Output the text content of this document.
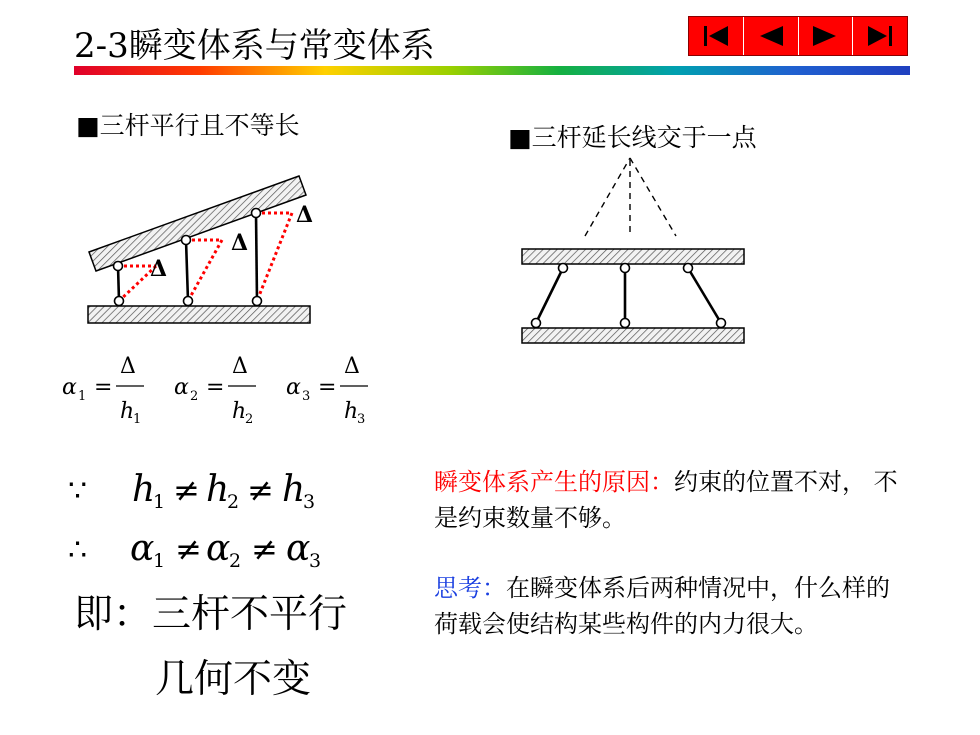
2-3瞬变体系与常变体系
■三杆平行且不等长	■三杆延长线交于一点
Δ
Δ
Δ
α 1 =
Δ
h
1
α 2 =
Δ
h
2
α 3 =
Δ
h
3
∵ h
1 ≠ h
2 ≠ h
3
∴ α
1 ≠ α
2 ≠ α
3
即：三杆不平行
几何不变
瞬变体系产生的原因：约束的位置不对， 不是约束数量不够。
思考：在瞬变体系后两种情况中，什么样的荷载会使结构某些构件的内力很大。
